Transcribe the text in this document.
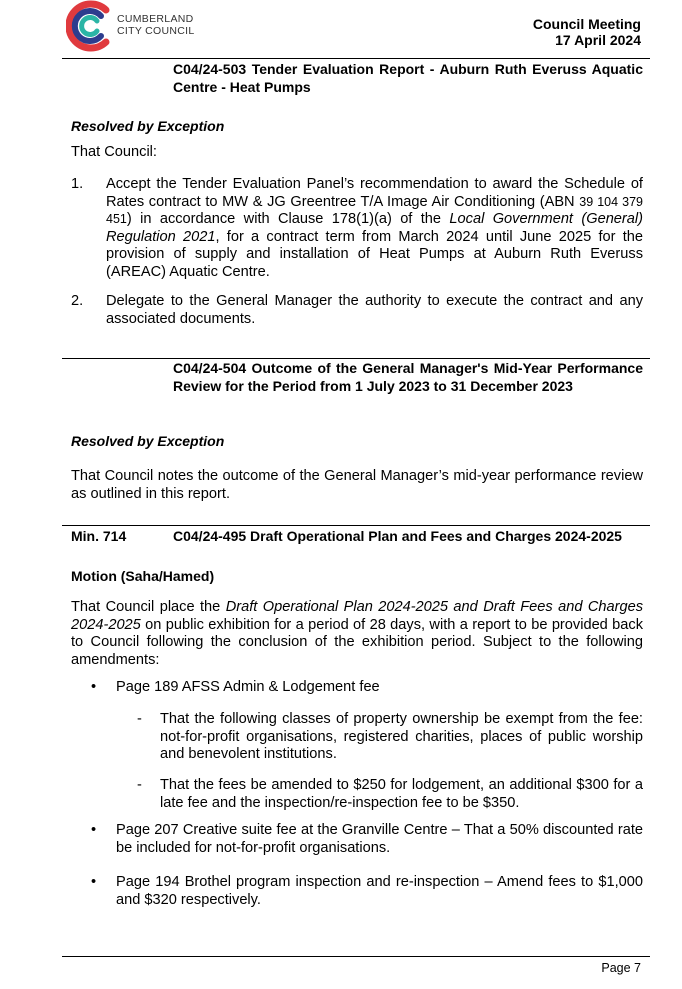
CUMBERLAND
CITY COUNCIL	Council Meeting
17 April 2024
C04/24-503 Tender Evaluation Report - Auburn Ruth Everuss Aquatic Centre - Heat Pumps
Resolved by Exception
That Council:
1. Accept the Tender Evaluation Panel’s recommendation to award the Schedule of Rates contract to MW & JG Greentree T/A Image Air Conditioning (ABN 39 104 379 451) in accordance with Clause 178(1)(a) of the Local Government (General) Regulation 2021, for a contract term from March 2024 until June 2025 for the provision of supply and installation of Heat Pumps at Auburn Ruth Everuss (AREAC) Aquatic Centre.
2. Delegate to the General Manager the authority to execute the contract and any associated documents.
C04/24-504 Outcome of the General Manager's Mid-Year Performance Review for the Period from 1 July 2023 to 31 December 2023
Resolved by Exception
That Council notes the outcome of the General Manager’s mid-year performance review as outlined in this report.
Min. 714	C04/24-495 Draft Operational Plan and Fees and Charges 2024-2025
Motion (Saha/Hamed)
That Council place the Draft Operational Plan 2024-2025 and Draft Fees and Charges 2024-2025 on public exhibition for a period of 28 days, with a report to be provided back to Council following the conclusion of the exhibition period. Subject to the following amendments:
• Page 189 AFSS Admin & Lodgement fee
- That the following classes of property ownership be exempt from the fee: not-for-profit organisations, registered charities, places of public worship and benevolent institutions.
- That the fees be amended to $250 for lodgement, an additional $300 for a late fee and the inspection/re-inspection fee to be $350.
• Page 207 Creative suite fee at the Granville Centre – That a 50% discounted rate be included for not-for-profit organisations.
• Page 194 Brothel program inspection and re-inspection – Amend fees to $1,000 and $320 respectively.
Page 7
